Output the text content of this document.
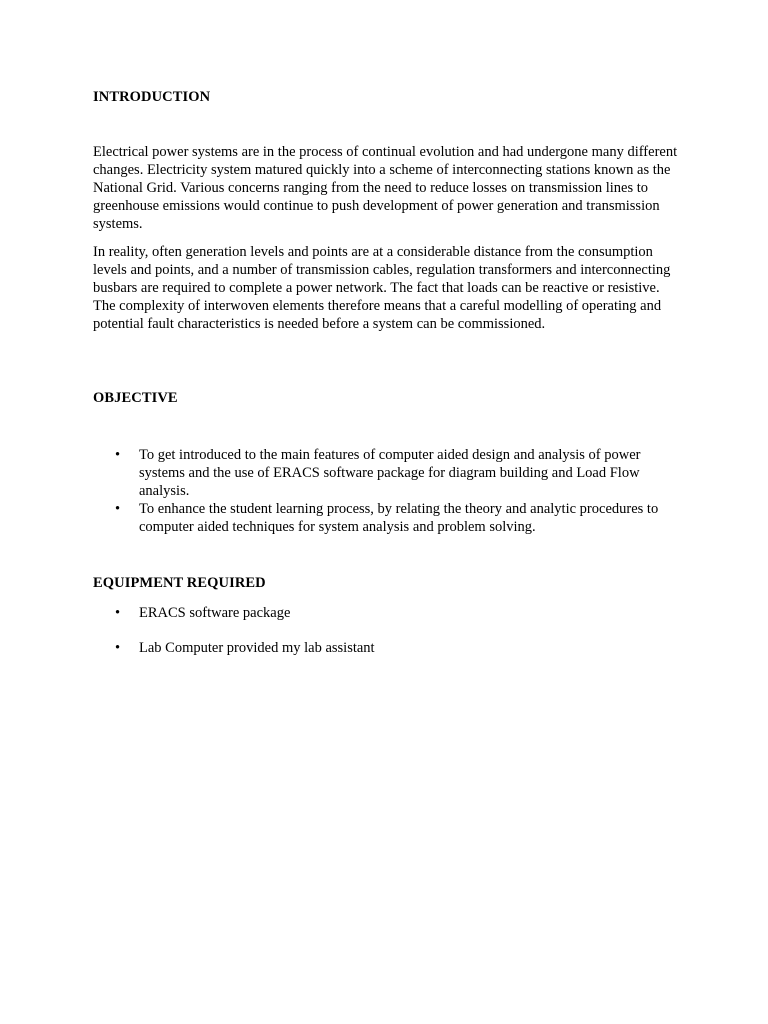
INTRODUCTION

Electrical power systems are in the process of continual evolution and had undergone many different changes. Electricity system matured quickly into a scheme of interconnecting stations known as the National Grid. Various concerns ranging from the need to reduce losses on transmission lines to greenhouse emissions would continue to push development of power generation and transmission systems.

In reality, often generation levels and points are at a considerable distance from the consumption levels and points, and a number of transmission cables, regulation transformers and interconnecting busbars are required to complete a power network. The fact that loads can be reactive or resistive. The complexity of interwoven elements therefore means that a careful modelling of operating and potential fault characteristics is needed before a system can be commissioned.

OBJECTIVE
• To get introduced to the main features of computer aided design and analysis of power systems and the use of ERACS software package for diagram building and Load Flow analysis.
• To enhance the student learning process, by relating the theory and analytic procedures to computer aided techniques for system analysis and problem solving.
EQUIPMENT REQUIRED
• ERACS software package
• Lab Computer provided my lab assistant
